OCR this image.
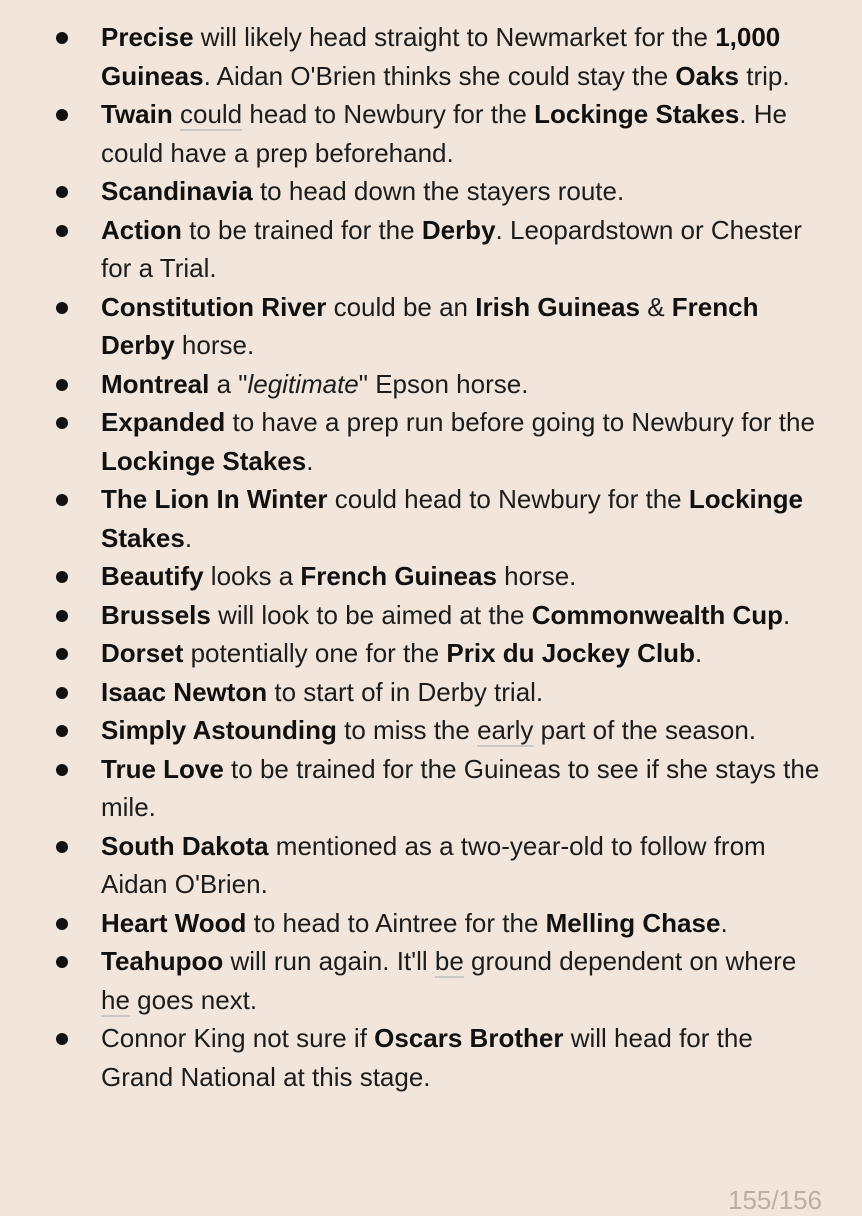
Precise will likely head straight to Newmarket for the 1,000 Guineas. Aidan O'Brien thinks she could stay the Oaks trip.
Twain could head to Newbury for the Lockinge Stakes. He could have a prep beforehand.
Scandinavia to head down the stayers route.
Action to be trained for the Derby. Leopardstown or Chester for a Trial.
Constitution River could be an Irish Guineas & French Derby horse.
Montreal a "legitimate" Epson horse.
Expanded to have a prep run before going to Newbury for the Lockinge Stakes.
The Lion In Winter could head to Newbury for the Lockinge Stakes.
Beautify looks a French Guineas horse.
Brussels will look to be aimed at the Commonwealth Cup.
Dorset potentially one for the Prix du Jockey Club.
Isaac Newton to start of in Derby trial.
Simply Astounding to miss the early part of the season.
True Love to be trained for the Guineas to see if she stays the mile.
South Dakota mentioned as a two-year-old to follow from Aidan O'Brien.
Heart Wood to head to Aintree for the Melling Chase.
Teahupoo will run again. It'll be ground dependent on where he goes next.
Connor King not sure if Oscars Brother will head for the Grand National at this stage.
155/156
